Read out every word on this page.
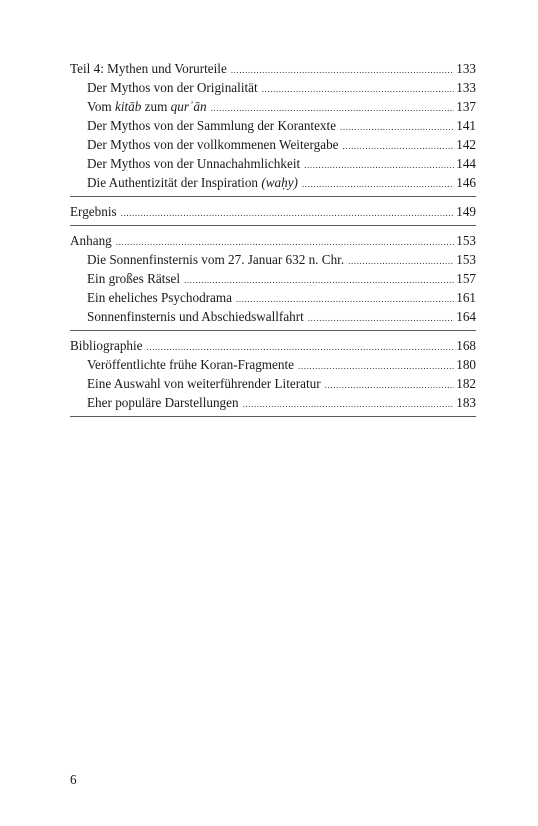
Teil 4: Mythen und Vorurteile .....	133
Der Mythos von der Originalität .....	133
Vom kitāb zum qurʾān .....	137
Der Mythos von der Sammlung der Korantexte .....	141
Der Mythos von der vollkommenen Weitergabe .....	142
Der Mythos von der Unnachahmlichkeit .....	144
Die Authentizität der Inspiration (waḥy) .....	146
Ergebnis .....	149
Anhang .....	153
Die Sonnenfinsternis vom 27. Januar 632 n. Chr. .....	153
Ein großes Rätsel .....	157
Ein eheliches Psychodrama .....	161
Sonnenfinsternis und Abschiedswallfahrt .....	164
Bibliographie .....	168
Veröffentlichte frühe Koran-Fragmente .....	180
Eine Auswahl von weiterführender Literatur .....	182
Eher populäre Darstellungen .....	183
6
